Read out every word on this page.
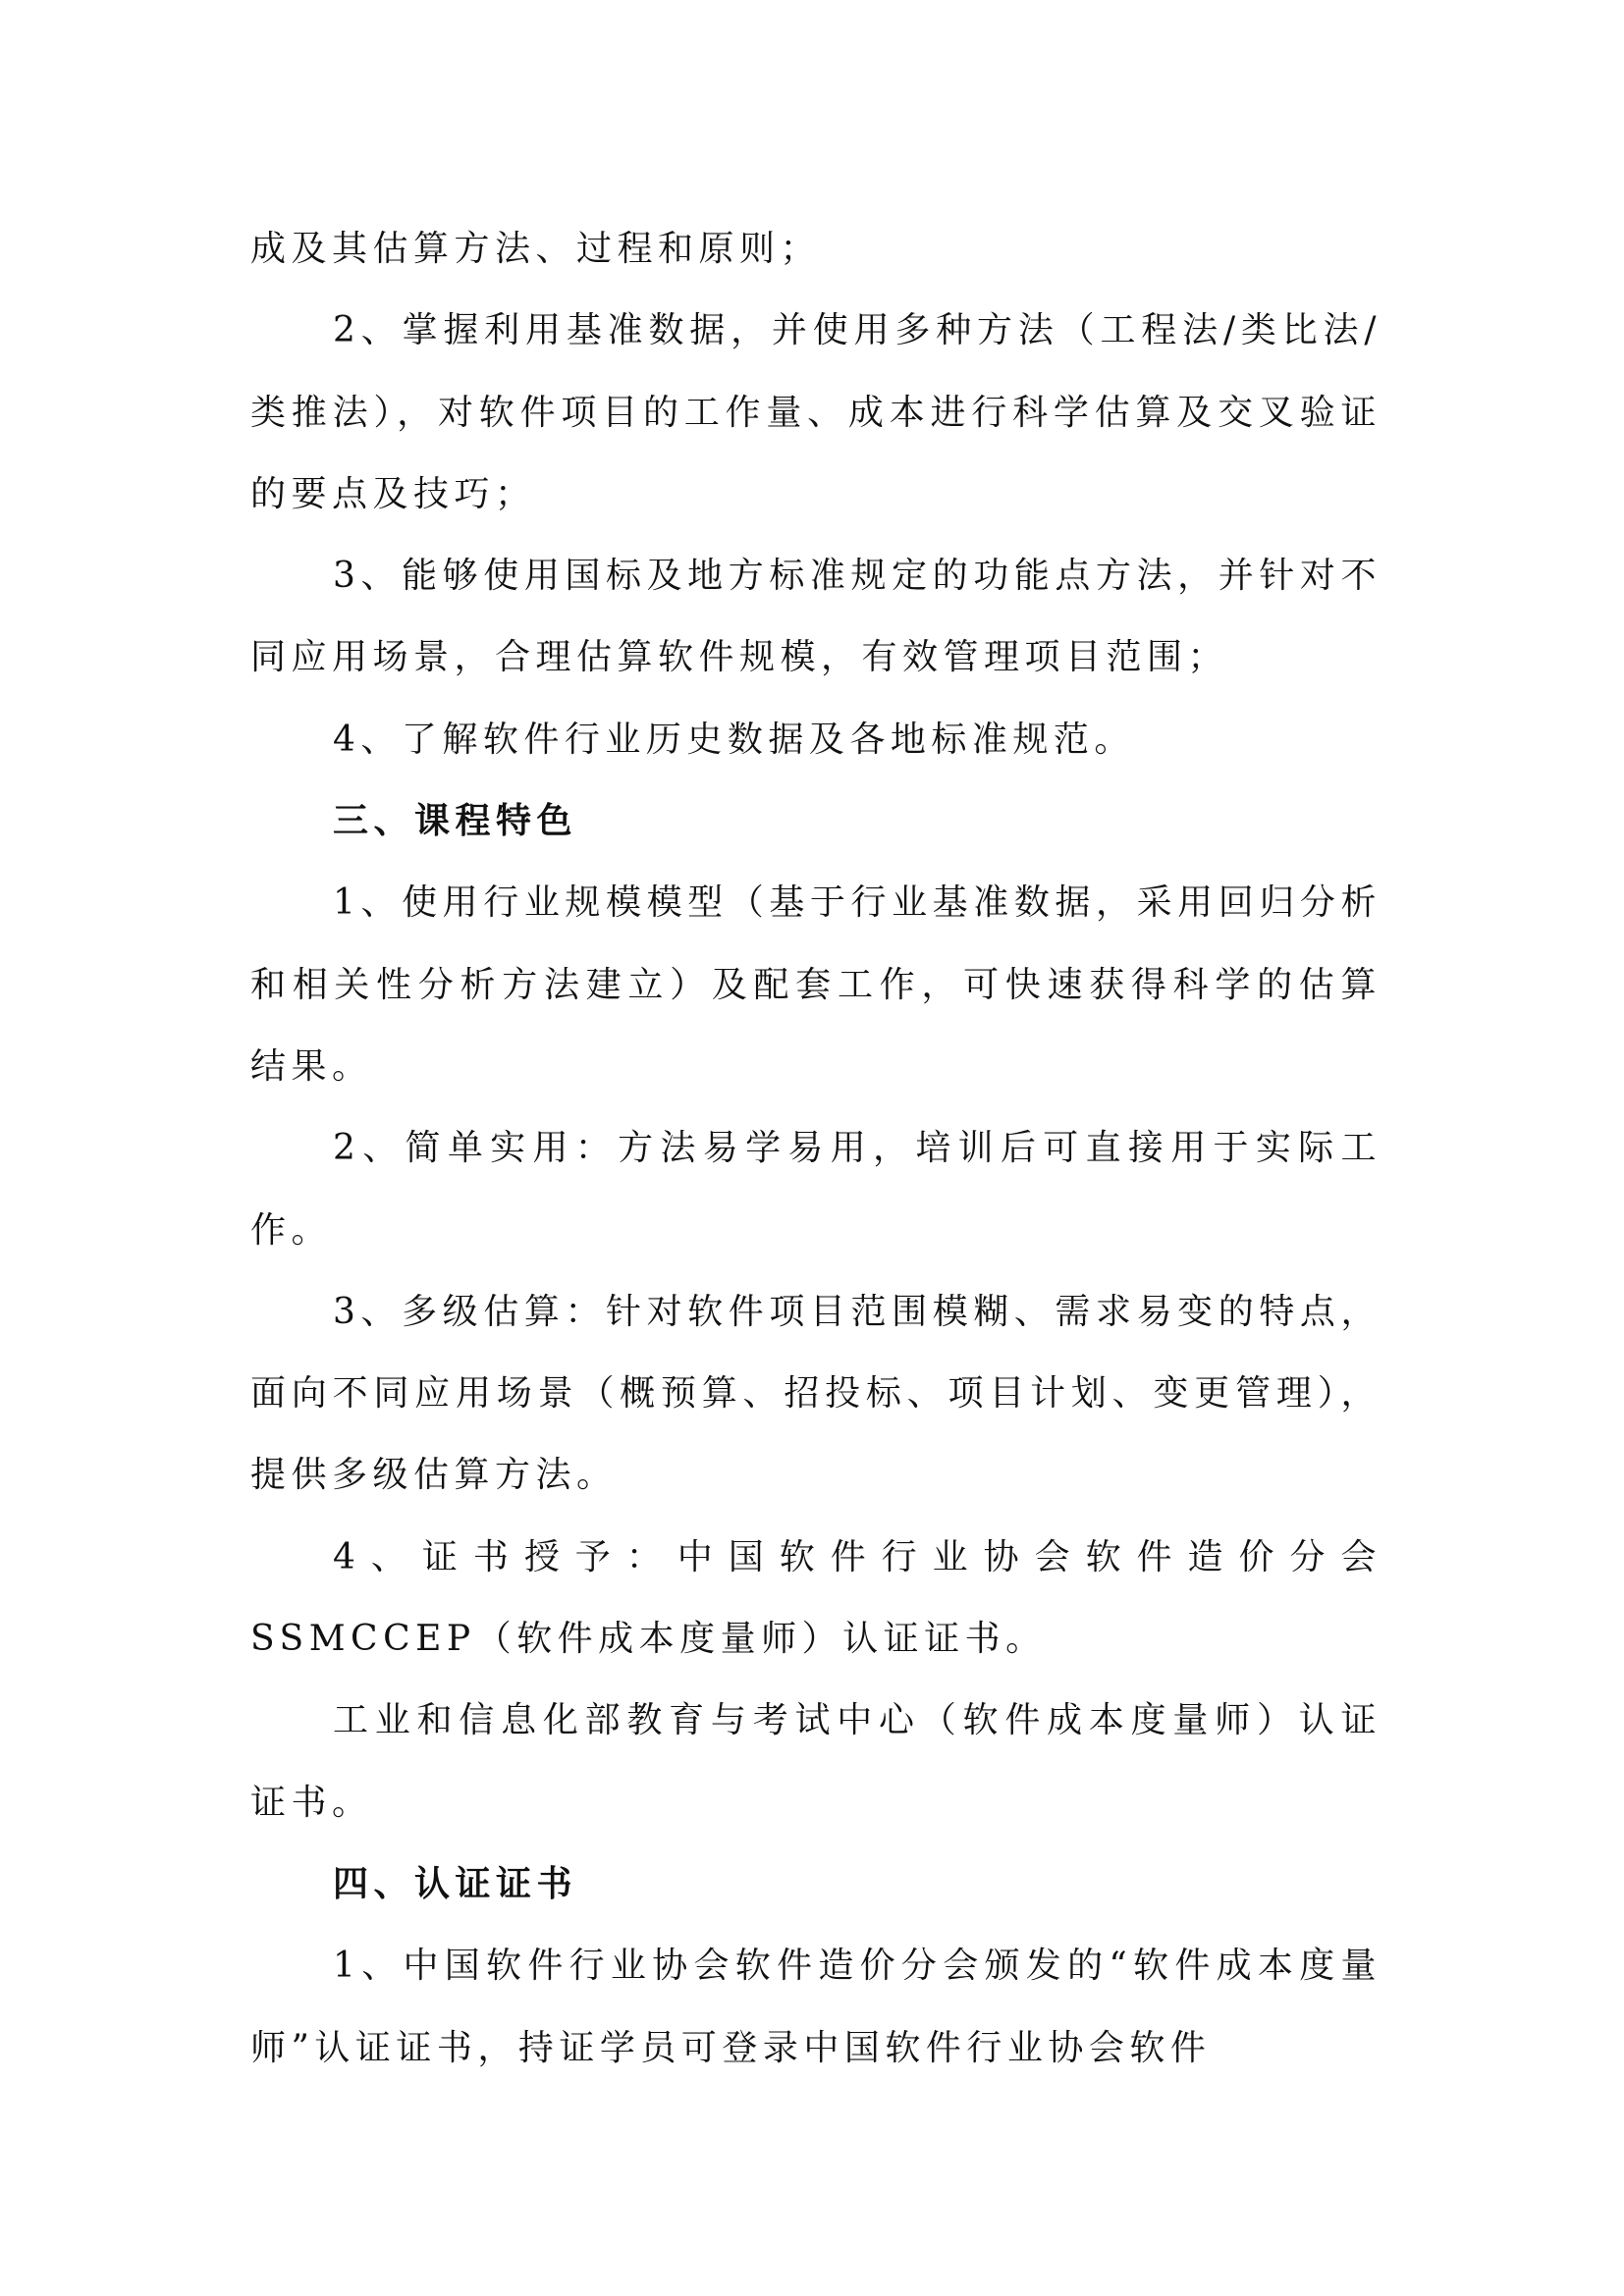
成及其估算方法、过程和原则；

2、掌握利用基准数据，并使用多种方法（工程法/类比法/类推法），对软件项目的工作量、成本进行科学估算及交叉验证的要点及技巧；

3、能够使用国标及地方标准规定的功能点方法，并针对不同应用场景，合理估算软件规模，有效管理项目范围；

4、了解软件行业历史数据及各地标准规范。

三、课程特色

1、使用行业规模模型（基于行业基准数据，采用回归分析和相关性分析方法建立）及配套工作，可快速获得科学的估算结果。

2、简单实用：方法易学易用，培训后可直接用于实际工作。

3、多级估算：针对软件项目范围模糊、需求易变的特点，面向不同应用场景（概预算、招投标、项目计划、变更管理），提供多级估算方法。

4、证书授予：中国软件行业协会软件造价分会 SSMCCEP（软件成本度量师）认证证书。

工业和信息化部教育与考试中心（软件成本度量师）认证证书。

四、认证证书

1、中国软件行业协会软件造价分会颁发的“软件成本度量师”认证证书，持证学员可登录中国软件行业协会软件
